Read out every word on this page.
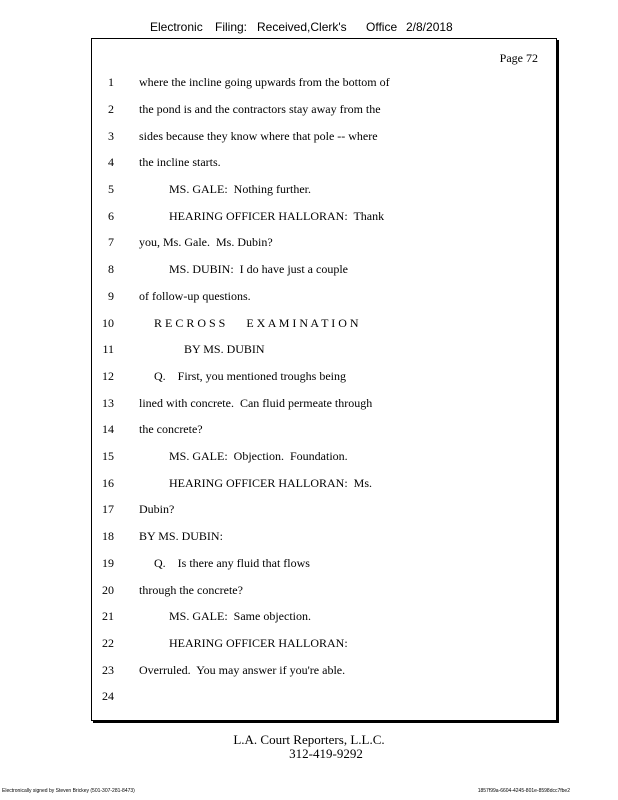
Electronic Filing: Received,Clerk's Office 2/8/2018
Page 72
1 where the incline going upwards from the bottom of
2 the pond is and the contractors stay away from the
3 sides because they know where that pole -- where
4 the incline starts.
5 MS. GALE:  Nothing further.
6 HEARING OFFICER HALLORAN:  Thank
7 you, Ms. Gale.  Ms. Dubin?
8 MS. DUBIN:  I do have just a couple
9 of follow-up questions.
10 R E C R O S S       E X A M I N A T I O N
11 BY MS. DUBIN
12 Q.    First, you mentioned troughs being
13 lined with concrete.  Can fluid permeate through
14 the concrete?
15 MS. GALE:  Objection.  Foundation.
16 HEARING OFFICER HALLORAN:  Ms.
17 Dubin?
18 BY MS. DUBIN:
19 Q.    Is there any fluid that flows
20 through the concrete?
21 MS. GALE:  Same objection.
22 HEARING OFFICER HALLORAN:
23 Overruled.  You may answer if you're able.
24
L.A. Court Reporters, L.L.C.
312-419-9292
Electronically signed by Steven Brickey (501-307-281-8473)	1857f99a-6604-4245-801e-8598dcc7fbe2
